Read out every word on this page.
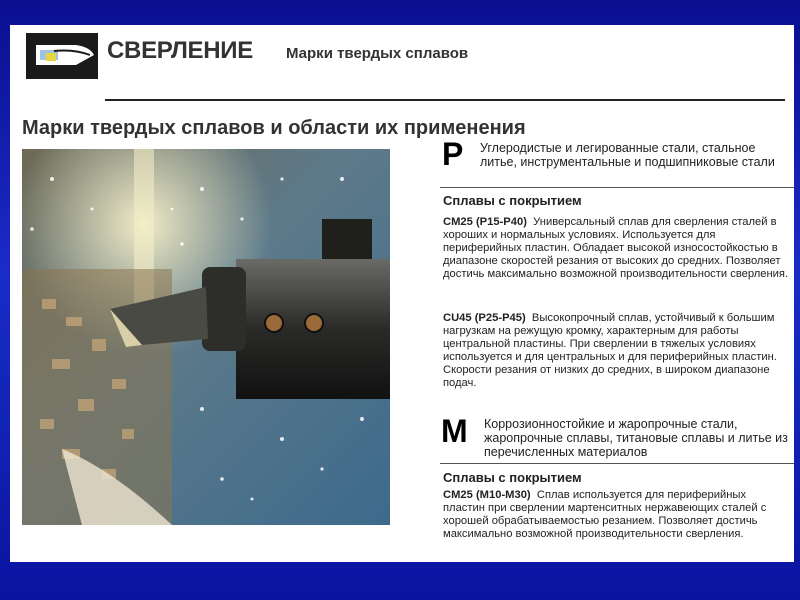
СВЕРЛЕНИЕ Марки твердых сплавов
Марки твердых сплавов и области их применения
P Углеродистые и легированные стали, стальное литье, инструментальные и подшипниковые стали
Сплавы с покрытием
CM25 (P15-P40) Универсальный сплав для сверления сталей в хороших и нормальных условиях. Используется для периферийных пластин. Обладает высокой износостойкостью в диапазоне скоростей резания от высоких до средних. Позволяет достичь максимально возможной производительности сверления.
CU45 (P25-P45) Высокопрочный сплав, устойчивый к большим нагрузкам на режущую кромку, характерным для работы центральной пластины. При сверлении в тяжелых условиях используется и для центральных и для периферийных пластин. Скорости резания от низких до средних, в широком диапазоне подач.
M Коррозионностойкие и жаропрочные стали, жаропрочные сплавы, титановые сплавы и литье из перечисленных материалов
Сплавы с покрытием
CM25 (M10-M30) Сплав используется для периферийных пластин при сверлении мартенситных нержавеющих сталей с хорошей обрабатываемостью резанием. Позволяет достичь максимально возможной производительности сверления.
